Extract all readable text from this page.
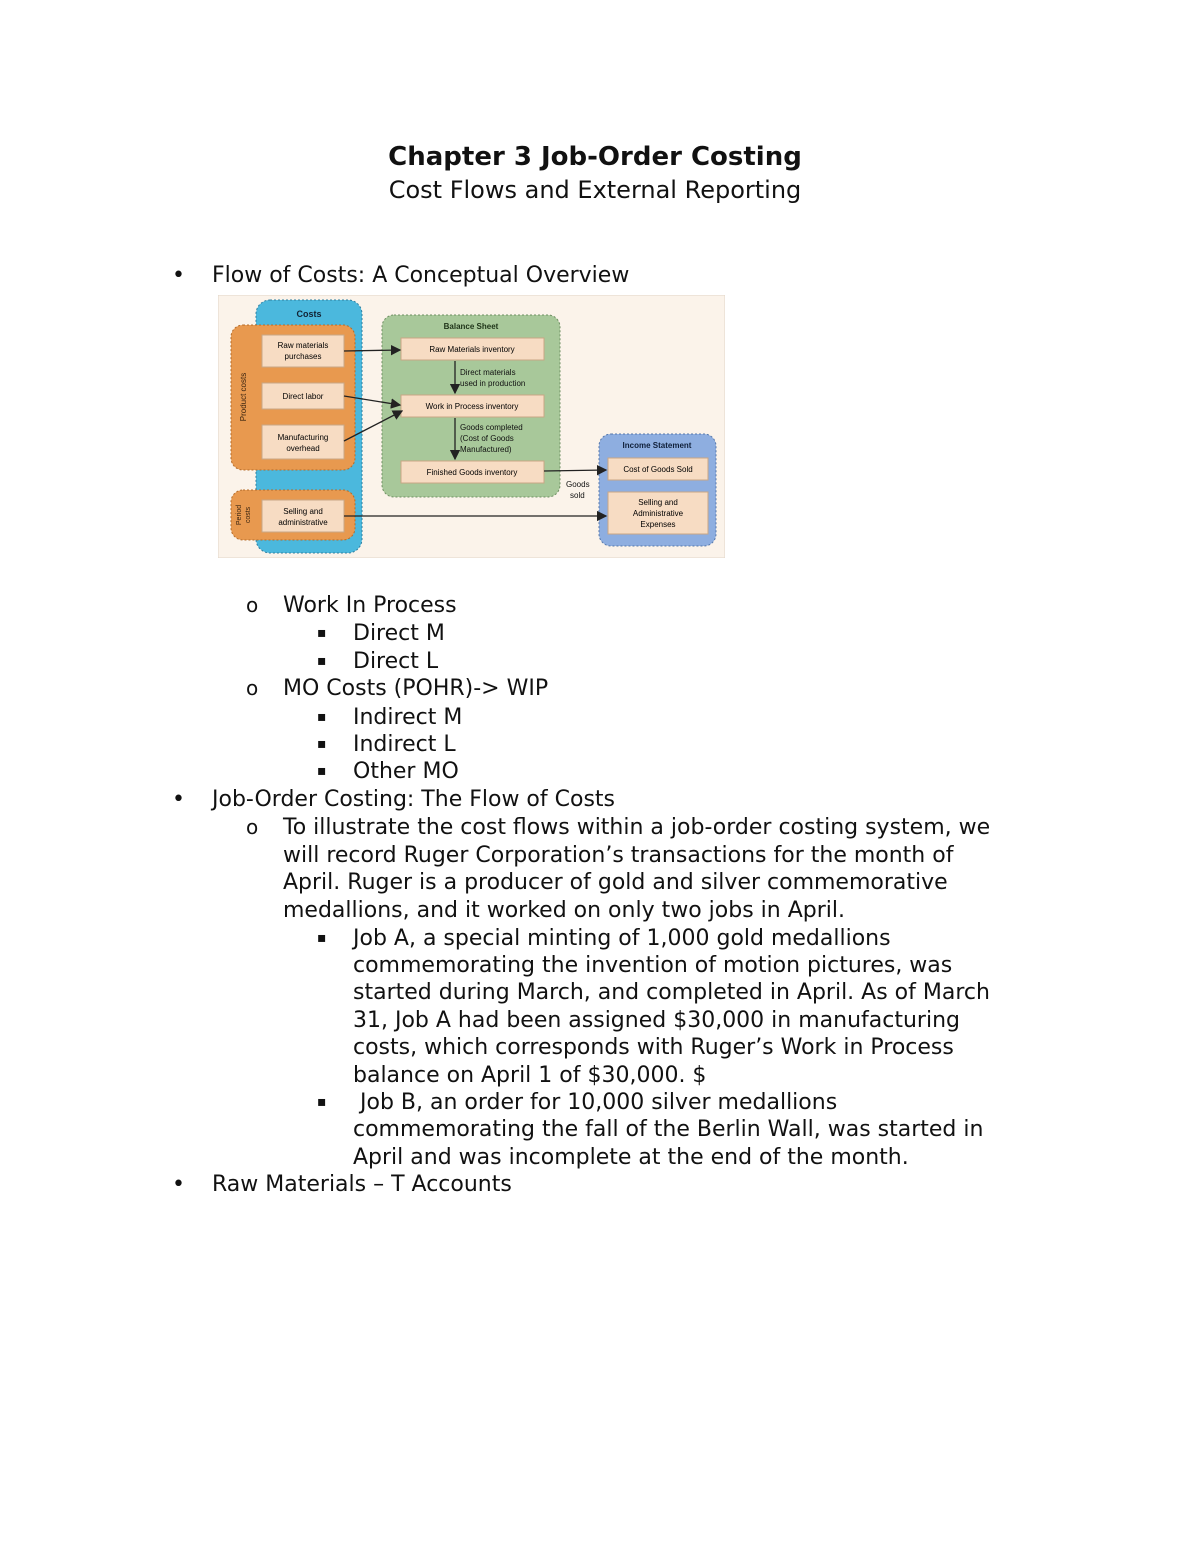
Chapter 3 Job-Order Costing
Cost Flows and External Reporting
• Flow of Costs: A Conceptual Overview
Costs
Product costs
Raw materials
purchases
Direct labor
Manufacturing
overhead
Period costs	Selling and
administrative
Balance Sheet
Raw Materials inventory
Direct materials
used in production
Work in Process inventory
Goods completed
(Cost of Goods
Manufactured)
Finished Goods inventory
Income Statement
Cost of Goods Sold
Selling and
Administrative
Expenses
Goods
sold
o Work In Process
▪ Direct M
▪ Direct L
o MO Costs (POHR)-> WIP
▪ Indirect M
▪ Indirect L
▪ Other MO
• Job-Order Costing: The Flow of Costs
o To illustrate the cost flows within a job-order costing system, we
will record Ruger Corporation’s transactions for the month of
April. Ruger is a producer of gold and silver commemorative
medallions, and it worked on only two jobs in April.
▪ Job A, a special minting of 1,000 gold medallions
commemorating the invention of motion pictures, was
started during March, and completed in April. As of March
31, Job A had been assigned $30,000 in manufacturing
costs, which corresponds with Ruger’s Work in Process
balance on April 1 of $30,000. $
▪ Job B, an order for 10,000 silver medallions
commemorating the fall of the Berlin Wall, was started in
April and was incomplete at the end of the month.
• Raw Materials – T Accounts
